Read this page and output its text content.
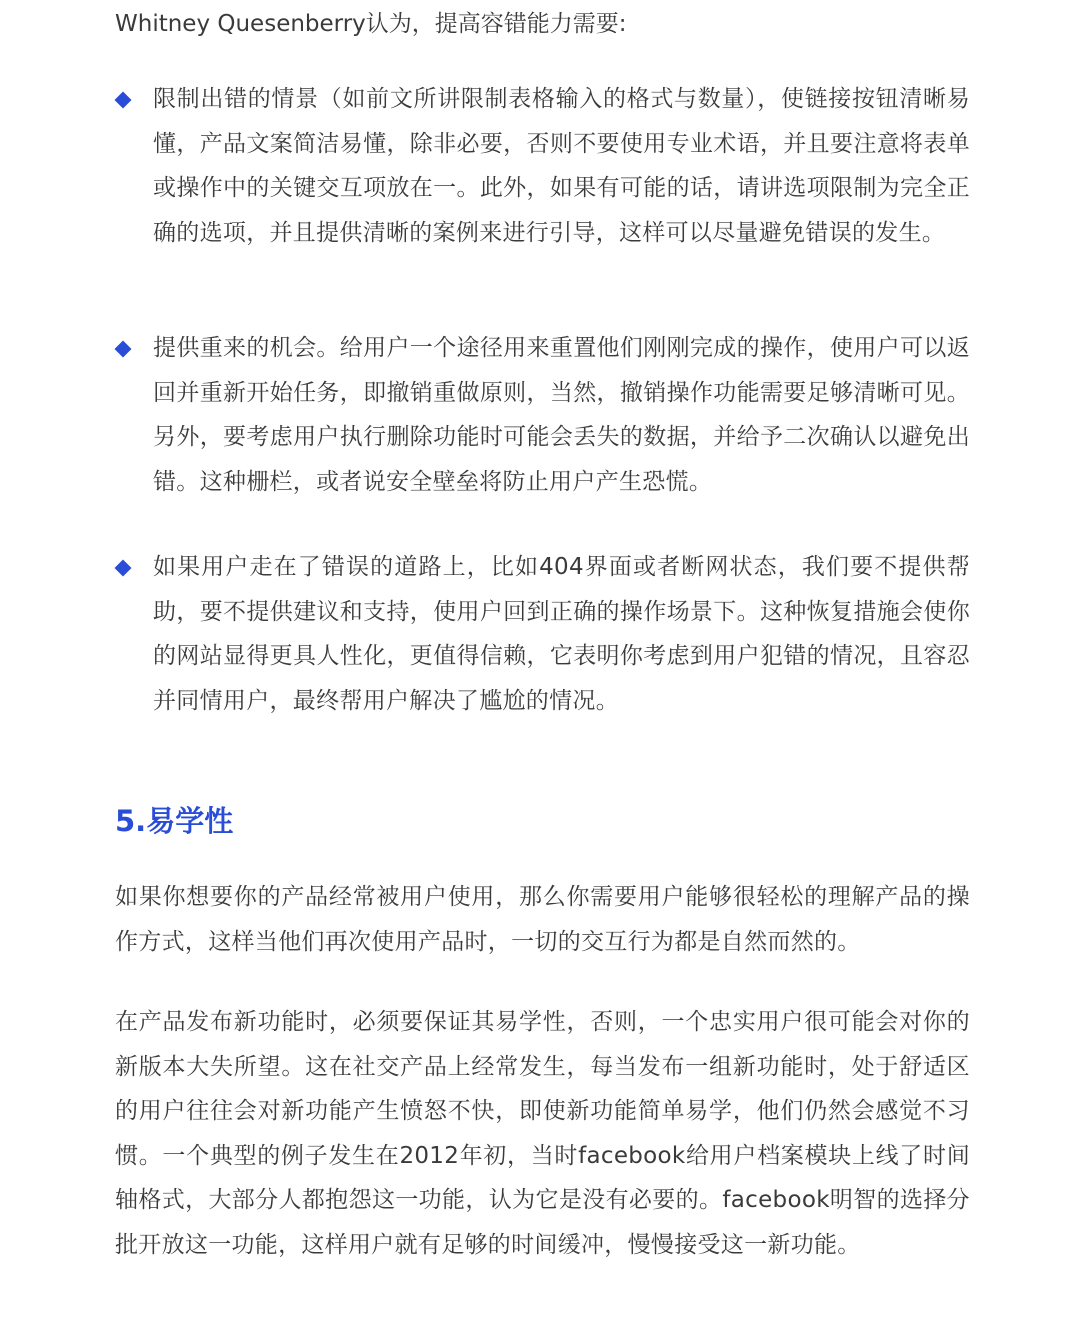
Whitney Quesenberry认为，提高容错能力需要:

限制出错的情景（如前文所讲限制表格输入的格式与数量），使链接按钮清晰易懂，产品文案简洁易懂，除非必要，否则不要使用专业术语，并且要注意将表单或操作中的关键交互项放在一。此外，如果有可能的话，请讲选项限制为完全正确的选项，并且提供清晰的案例来进行引导，这样可以尽量避免错误的发生。

提供重来的机会。给用户一个途径用来重置他们刚刚完成的操作，使用户可以返回并重新开始任务，即撤销重做原则，当然，撤销操作功能需要足够清晰可见。另外，要考虑用户执行删除功能时可能会丢失的数据，并给予二次确认以避免出错。这种栅栏，或者说安全壁垒将防止用户产生恐慌。

如果用户走在了错误的道路上，比如404界面或者断网状态，我们要不提供帮助，要不提供建议和支持，使用户回到正确的操作场景下。这种恢复措施会使你的网站显得更具人性化，更值得信赖，它表明你考虑到用户犯错的情况，且容忍并同情用户，最终帮用户解决了尴尬的情况。

5.易学性

如果你想要你的产品经常被用户使用，那么你需要用户能够很轻松的理解产品的操作方式，这样当他们再次使用产品时，一切的交互行为都是自然而然的。

在产品发布新功能时，必须要保证其易学性，否则，一个忠实用户很可能会对你的新版本大失所望。这在社交产品上经常发生，每当发布一组新功能时，处于舒适区的用户往往会对新功能产生愤怒不快，即使新功能简单易学，他们仍然会感觉不习惯。一个典型的例子发生在2012年初，当时facebook给用户档案模块上线了时间轴格式，大部分人都抱怨这一功能，认为它是没有必要的。facebook明智的选择分批开放这一功能，这样用户就有足够的时间缓冲，慢慢接受这一新功能。
